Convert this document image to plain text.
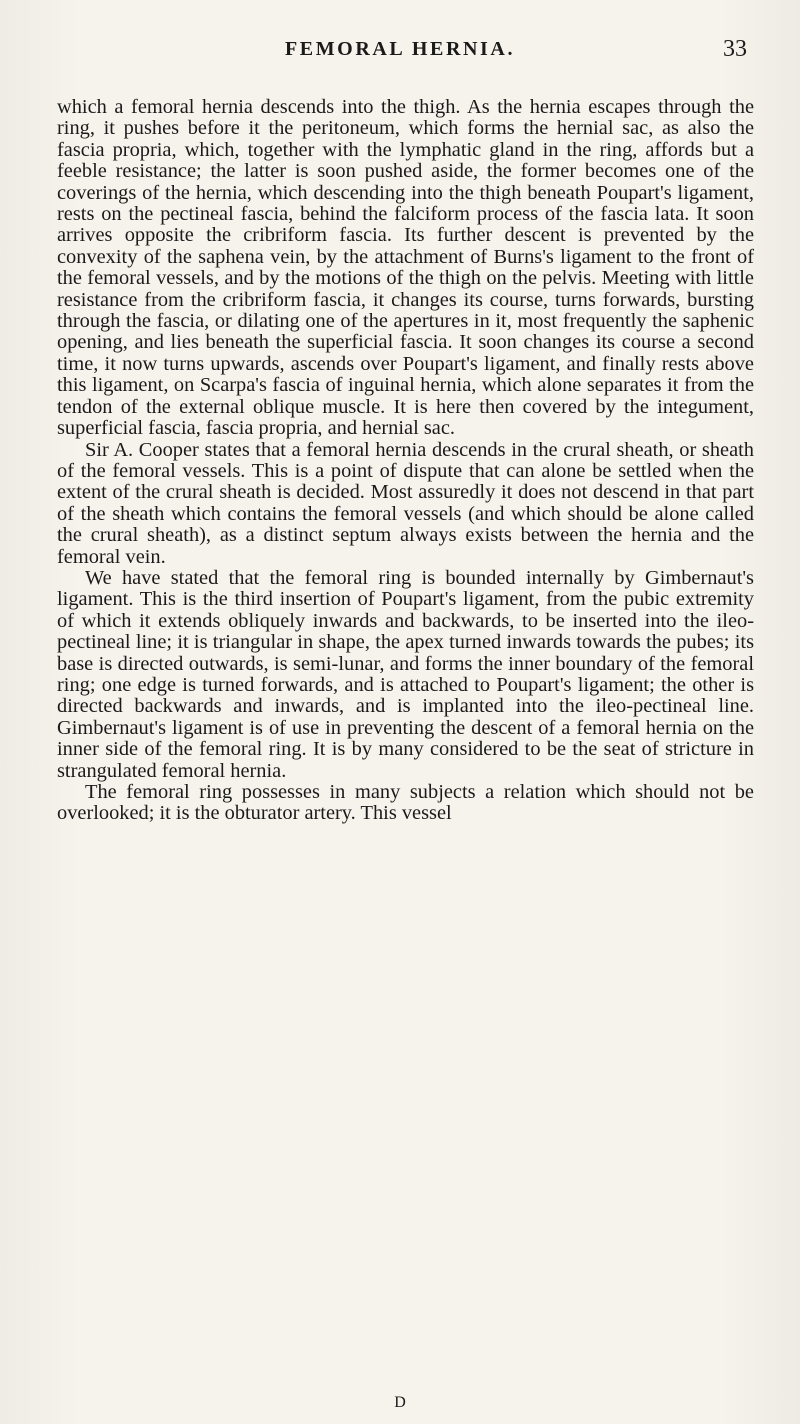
FEMORAL HERNIA.	33

which a femoral hernia descends into the thigh. As the hernia escapes through the ring, it pushes before it the peritoneum, which forms the hernial sac, as also the fascia propria, which, together with the lymphatic gland in the ring, affords but a feeble resistance; the latter is soon pushed aside, the former becomes one of the coverings of the hernia, which descending into the thigh beneath Poupart's ligament, rests on the pectineal fascia, behind the falciform process of the fascia lata. It soon arrives opposite the cribriform fascia. Its further descent is prevented by the convexity of the saphena vein, by the attachment of Burns's ligament to the front of the femoral vessels, and by the motions of the thigh on the pelvis. Meeting with little resistance from the cribriform fascia, it changes its course, turns forwards, bursting through the fascia, or dilating one of the apertures in it, most frequently the saphenic opening, and lies beneath the superficial fascia. It soon changes its course a second time, it now turns upwards, ascends over Poupart's ligament, and finally rests above this ligament, on Scarpa's fascia of inguinal hernia, which alone separates it from the tendon of the external oblique muscle. It is here then covered by the integument, superficial fascia, fascia propria, and hernial sac.

Sir A. Cooper states that a femoral hernia descends in the crural sheath, or sheath of the femoral vessels. This is a point of dispute that can alone be settled when the extent of the crural sheath is decided. Most assuredly it does not descend in that part of the sheath which contains the femoral vessels (and which should be alone called the crural sheath), as a distinct septum always exists between the hernia and the femoral vein.

We have stated that the femoral ring is bounded internally by Gimbernaut's ligament. This is the third insertion of Poupart's ligament, from the pubic extremity of which it extends obliquely inwards and backwards, to be inserted into the ileo-pectineal line; it is triangular in shape, the apex turned inwards towards the pubes; its base is directed outwards, is semi-lunar, and forms the inner boundary of the femoral ring; one edge is turned forwards, and is attached to Poupart's ligament; the other is directed backwards and inwards, and is implanted into the ileo-pectineal line. Gimbernaut's ligament is of use in preventing the descent of a femoral hernia on the inner side of the femoral ring. It is by many considered to be the seat of stricture in strangulated femoral hernia.

The femoral ring possesses in many subjects a relation which should not be overlooked; it is the obturator artery. This vessel

D
